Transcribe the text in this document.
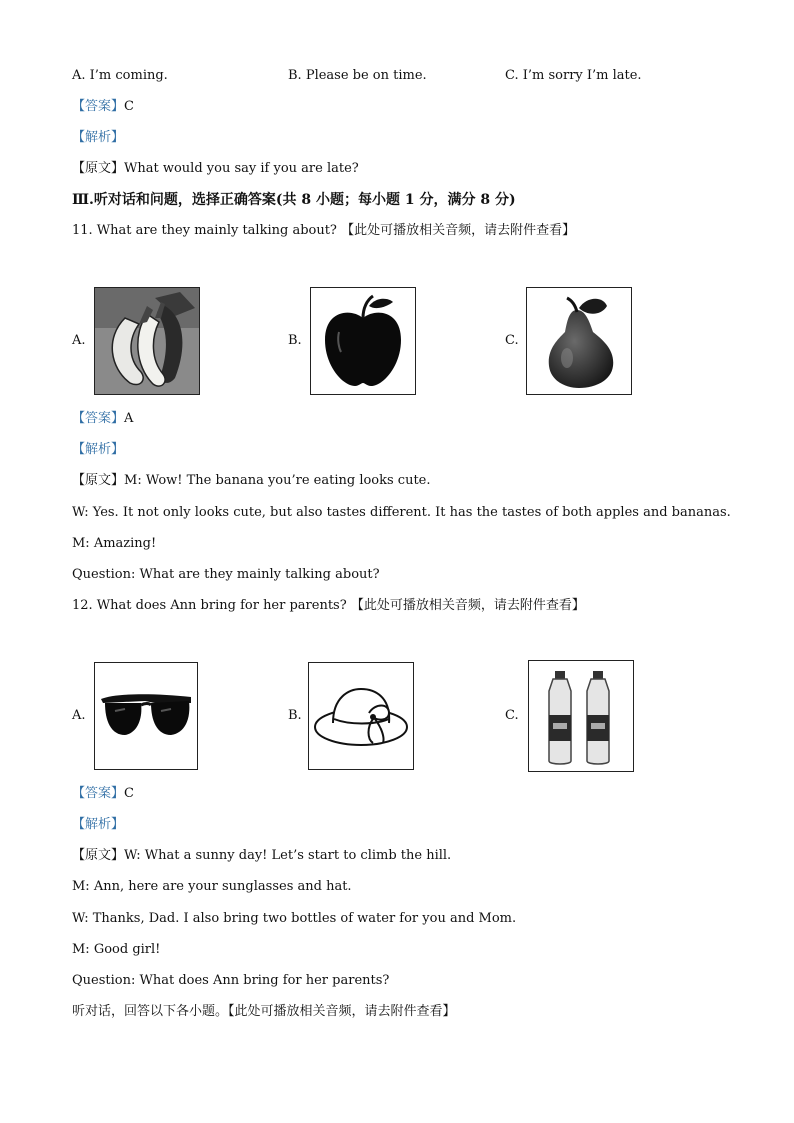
A. I’m coming.	B. Please be on time.	C. I’m sorry I’m late.
【答案】C
【解析】
【原文】What would you say if you are late?
Ⅲ.听对话和问题，选择正确答案(共 8 小题；每小题 1 分，满分 8 分)
11. What are they mainly talking about? 【此处可播放相关音频，请去附件查看】
A.	B.	C.
【答案】A
【解析】
【原文】M: Wow! The banana you’re eating looks cute.
W: Yes. It not only looks cute, but also tastes different. It has the tastes of both apples and bananas.
M: Amazing!
Question: What are they mainly talking about?
12. What does Ann bring for her parents? 【此处可播放相关音频，请去附件查看】
A.	B.	C.
【答案】C
【解析】
【原文】W: What a sunny day! Let’s start to climb the hill.
M: Ann, here are your sunglasses and hat.
W: Thanks, Dad. I also bring two bottles of water for you and Mom.
M: Good girl!
Question: What does Ann bring for her parents?
听对话，回答以下各小题。【此处可播放相关音频，请去附件查看】
